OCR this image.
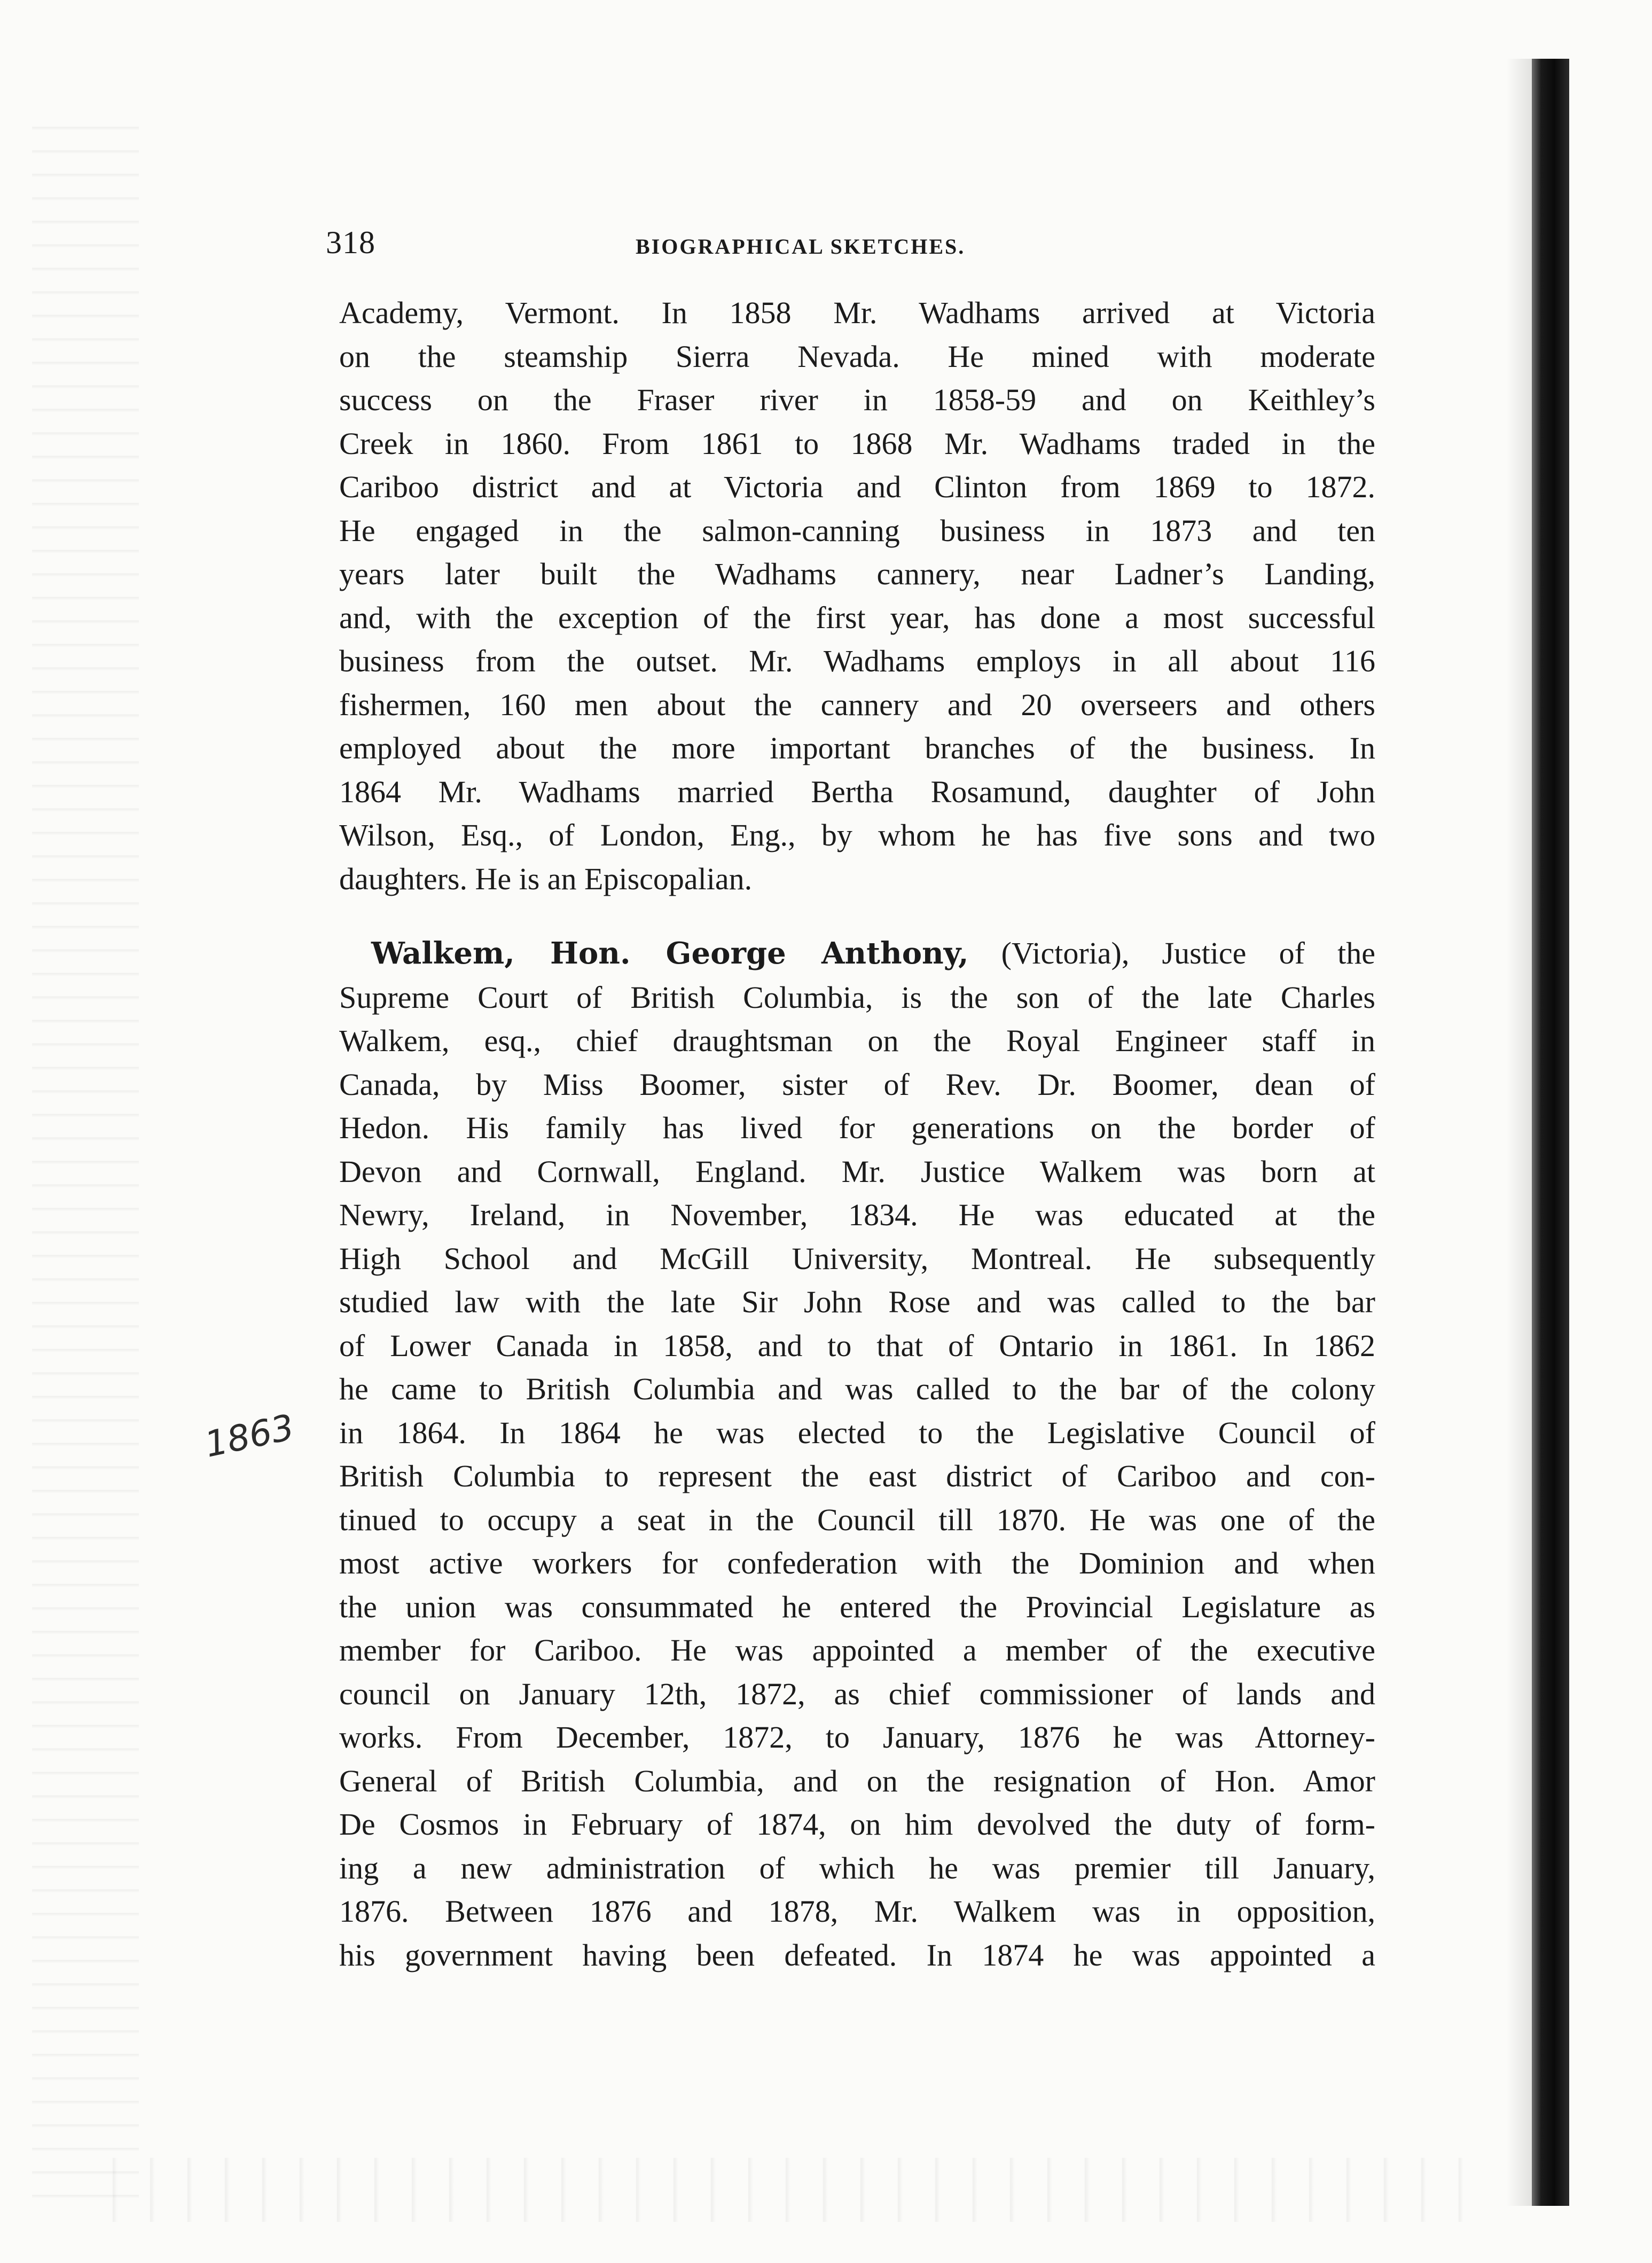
318	BIOGRAPHICAL SKETCHES.
1863
Academy, Vermont. In 1858 Mr. Wadhams arrived at Victoria
on the steamship Sierra Nevada. He mined with moderate
success on the Fraser river in 1858-59 and on Keithley’s
Creek in 1860. From 1861 to 1868 Mr. Wadhams traded in the
Cariboo district and at Victoria and Clinton from 1869 to 1872.
He engaged in the salmon-canning business in 1873 and ten
years later built the Wadhams cannery, near Ladner’s Landing,
and, with the exception of the first year, has done a most successful
business from the outset. Mr. Wadhams employs in all about 116
fishermen, 160 men about the cannery and 20 overseers and others
employed about the more important branches of the business. In
1864 Mr. Wadhams married Bertha Rosamund, daughter of John
Wilson, Esq., of London, Eng., by whom he has five sons and two
daughters. He is an Episcopalian.
Walkem, Hon. George Anthony, (Victoria), Justice of the
Supreme Court of British Columbia, is the son of the late Charles
Walkem, esq., chief draughtsman on the Royal Engineer staff in
Canada, by Miss Boomer, sister of Rev. Dr. Boomer, dean of
Hedon. His family has lived for generations on the border of
Devon and Cornwall, England. Mr. Justice Walkem was born at
Newry, Ireland, in November, 1834. He was educated at the
High School and McGill University, Montreal. He subsequently
studied law with the late Sir John Rose and was called to the bar
of Lower Canada in 1858, and to that of Ontario in 1861. In 1862
he came to British Columbia and was called to the bar of the colony
in 1864. In 1864 he was elected to the Legislative Council of
British Columbia to represent the east district of Cariboo and con-
tinued to occupy a seat in the Council till 1870. He was one of the
most active workers for confederation with the Dominion and when
the union was consummated he entered the Provincial Legislature as
member for Cariboo. He was appointed a member of the executive
council on January 12th, 1872, as chief commissioner of lands and
works. From December, 1872, to January, 1876 he was Attorney-
General of British Columbia, and on the resignation of Hon. Amor
De Cosmos in February of 1874, on him devolved the duty of form-
ing a new administration of which he was premier till January,
1876. Between 1876 and 1878, Mr. Walkem was in opposition,
his government having been defeated. In 1874 he was appointed a
